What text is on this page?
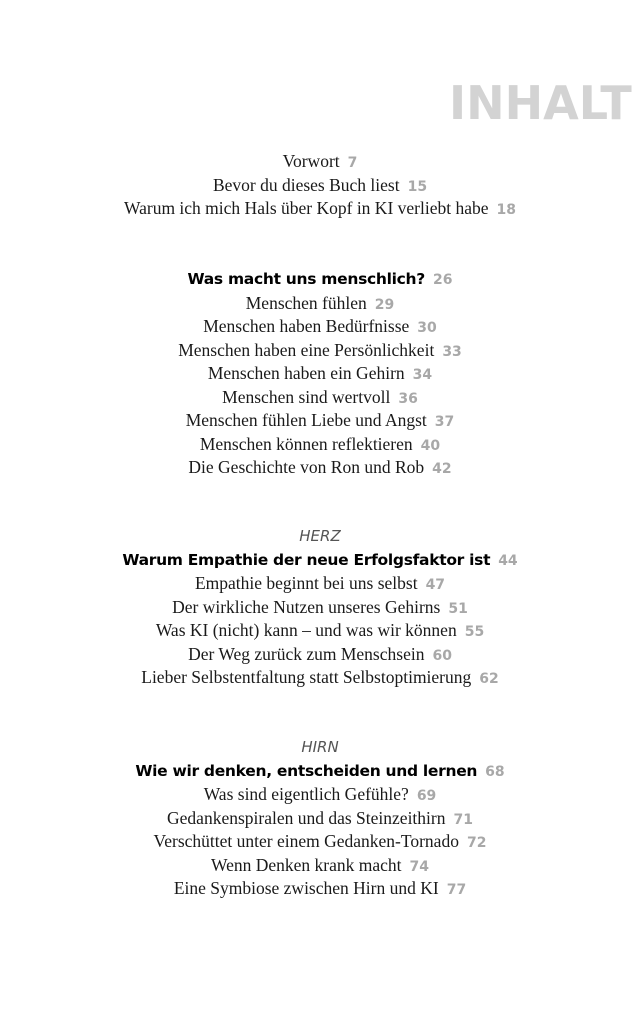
INHALT
Vorwort 7
Bevor du dieses Buch liest 15
Warum ich mich Hals über Kopf in KI verliebt habe 18
Was macht uns menschlich? 26
Menschen fühlen 29
Menschen haben Bedürfnisse 30
Menschen haben eine Persönlichkeit 33
Menschen haben ein Gehirn 34
Menschen sind wertvoll 36
Menschen fühlen Liebe und Angst 37
Menschen können reflektieren 40
Die Geschichte von Ron und Rob 42
HERZ
Warum Empathie der neue Erfolgsfaktor ist 44
Empathie beginnt bei uns selbst 47
Der wirkliche Nutzen unseres Gehirns 51
Was KI (nicht) kann – und was wir können 55
Der Weg zurück zum Menschsein 60
Lieber Selbstentfaltung statt Selbstoptimierung 62
HIRN
Wie wir denken, entscheiden und lernen 68
Was sind eigentlich Gefühle? 69
Gedankenspiralen und das Steinzeithirn 71
Verschüttet unter einem Gedanken-Tornado 72
Wenn Denken krank macht 74
Eine Symbiose zwischen Hirn und KI 77
